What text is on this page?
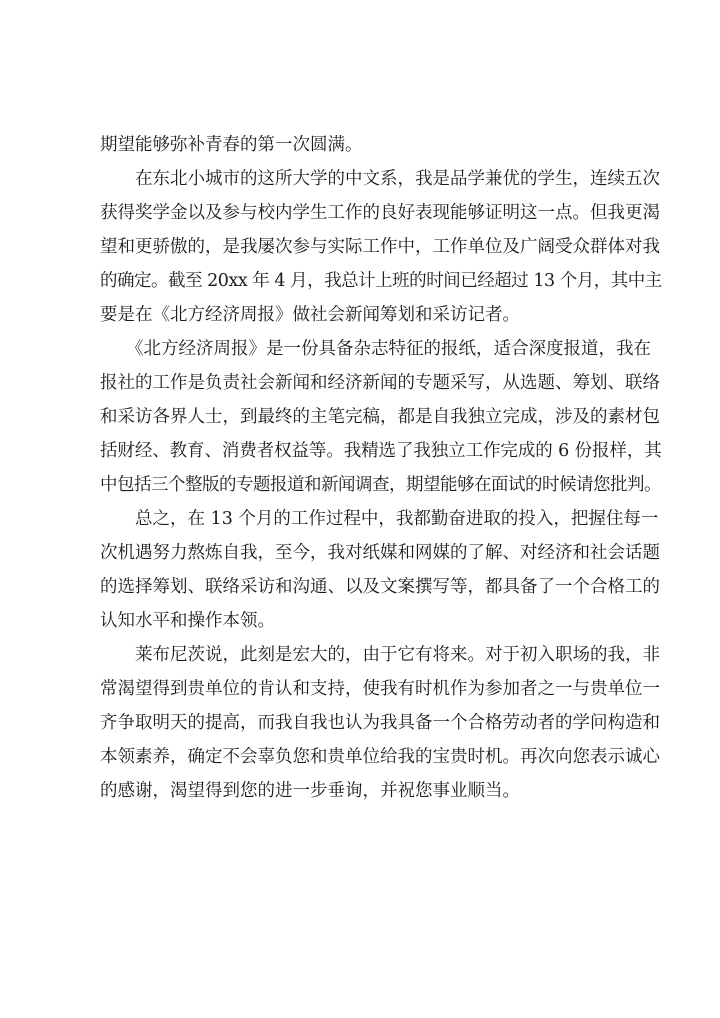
期望能够弥补青春的第一次圆满。

在东北小城市的这所大学的中文系，我是品学兼优的学生，连续五次
获得奖学金以及参与校内学生工作的良好表现能够证明这一点。但我更渴
望和更骄傲的，是我屡次参与实际工作中，工作单位及广阔受众群体对我
的确定。截至 20xx 年 4 月，我总计上班的时间已经超过 13 个月，其中主
要是在《北方经济周报》做社会新闻筹划和采访记者。

《北方经济周报》是一份具备杂志特征的报纸，适合深度报道，我在
报社的工作是负责社会新闻和经济新闻的专题采写，从选题、筹划、联络
和采访各界人士，到最终的主笔完稿，都是自我独立完成，涉及的素材包
括财经、教育、消费者权益等。我精选了我独立工作完成的 6 份报样，其
中包括三个整版的专题报道和新闻调查，期望能够在面试的时候请您批判。

总之，在 13 个月的工作过程中，我都勤奋进取的投入，把握住每一
次机遇努力熬炼自我，至今，我对纸媒和网媒的了解、对经济和社会话题
的选择筹划、联络采访和沟通、以及文案撰写等，都具备了一个合格工的
认知水平和操作本领。

莱布尼茨说，此刻是宏大的，由于它有将来。对于初入职场的我，非
常渴望得到贵单位的肯认和支持，使我有时机作为参加者之一与贵单位一
齐争取明天的提高，而我自我也认为我具备一个合格劳动者的学问构造和
本领素养，确定不会辜负您和贵单位给我的宝贵时机。再次向您表示诚心
的感谢，渴望得到您的进一步垂询，并祝您事业顺当。
